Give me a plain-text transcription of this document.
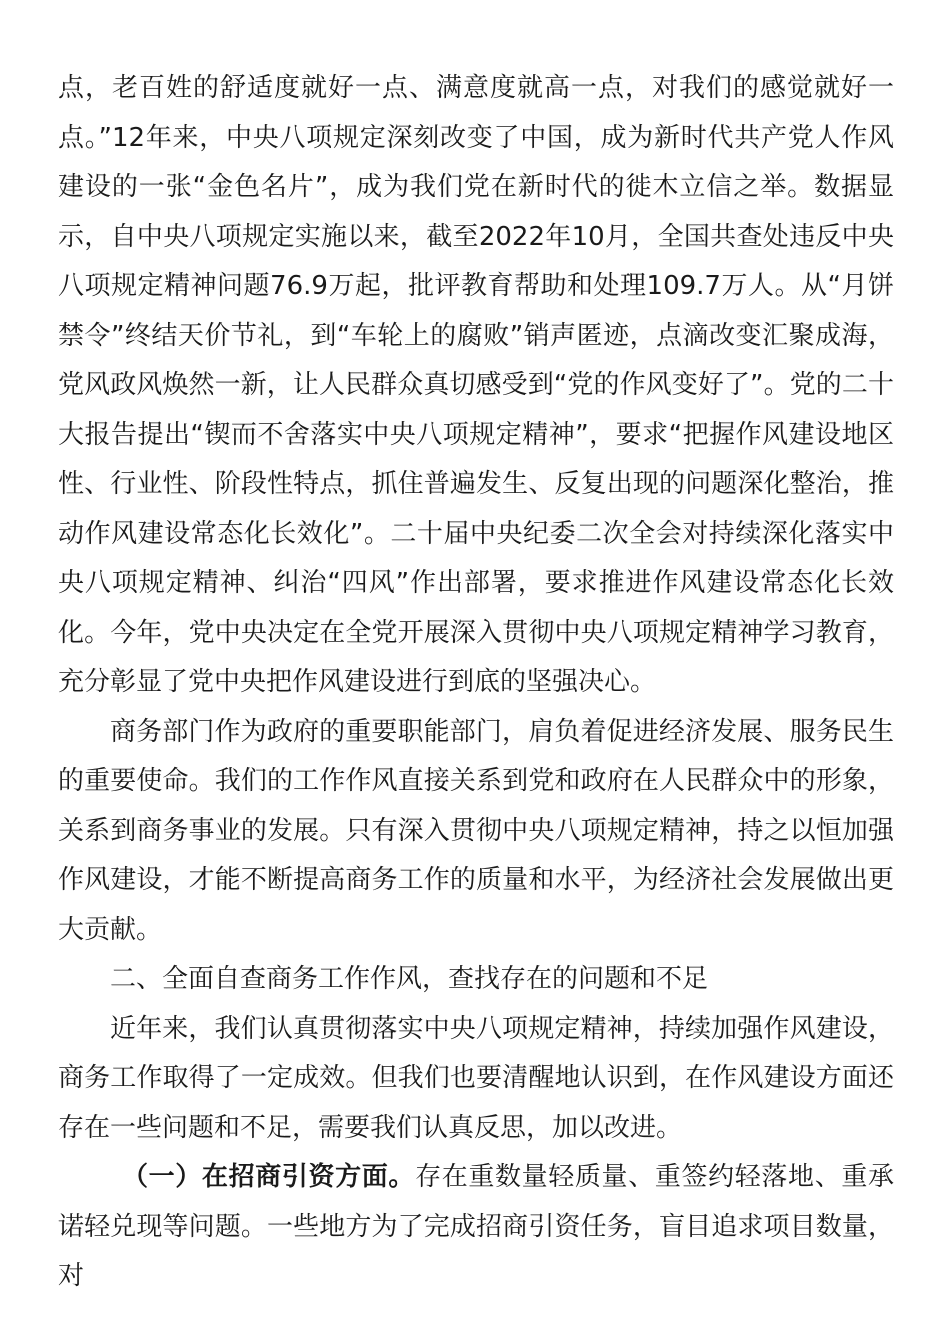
点，老百姓的舒适度就好一点、满意度就高一点，对我们的感觉就好一点。”12年来，中央八项规定深刻改变了中国，成为新时代共产党人作风建设的一张“金色名片”，成为我们党在新时代的徙木立信之举。数据显示，自中央八项规定实施以来，截至2022年10月，全国共查处违反中央八项规定精神问题76.9万起，批评教育帮助和处理109.7万人。从“月饼禁令”终结天价节礼，到“车轮上的腐败”销声匿迹，点滴改变汇聚成海，党风政风焕然一新，让人民群众真切感受到“党的作风变好了”。党的二十大报告提出“锲而不舍落实中央八项规定精神”，要求“把握作风建设地区性、行业性、阶段性特点，抓住普遍发生、反复出现的问题深化整治，推动作风建设常态化长效化”。二十届中央纪委二次全会对持续深化落实中央八项规定精神、纠治“四风”作出部署，要求推进作风建设常态化长效化。今年，党中央决定在全党开展深入贯彻中央八项规定精神学习教育，充分彰显了党中央把作风建设进行到底的坚强决心。

商务部门作为政府的重要职能部门，肩负着促进经济发展、服务民生的重要使命。我们的工作作风直接关系到党和政府在人民群众中的形象，关系到商务事业的发展。只有深入贯彻中央八项规定精神，持之以恒加强作风建设，才能不断提高商务工作的质量和水平，为经济社会发展做出更大贡献。

二、全面自查商务工作作风，查找存在的问题和不足

近年来，我们认真贯彻落实中央八项规定精神，持续加强作风建设，商务工作取得了一定成效。但我们也要清醒地认识到，在作风建设方面还存在一些问题和不足，需要我们认真反思，加以改进。

（一）在招商引资方面。存在重数量轻质量、重签约轻落地、重承诺轻兑现等问题。一些地方为了完成招商引资任务，盲目追求项目数量，对
